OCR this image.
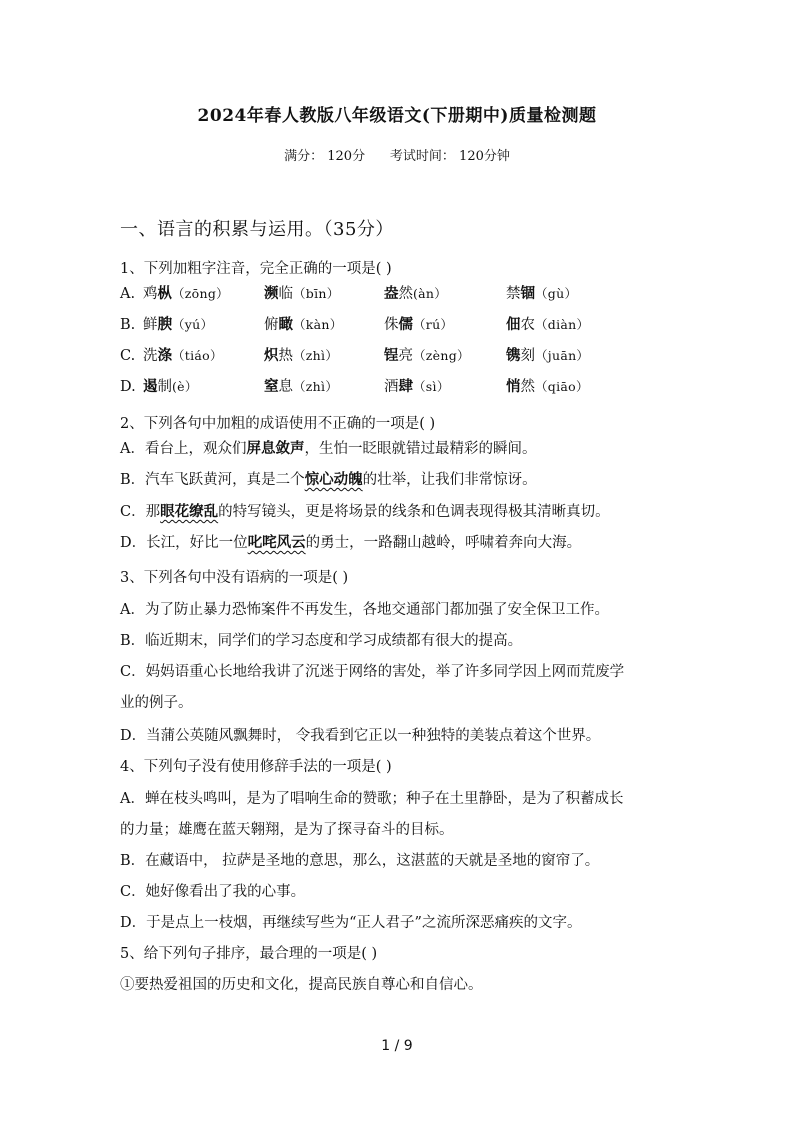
2024年春人教版八年级语文(下册期中)质量检测题
满分： 120分 考试时间： 120分钟
一、语言的积累与运用。（35分）
1、下列加粗字注音，完全正确的一项是( )
A. 鸡枞（zōng） 濒临（bīn）	盎然(àn）	禁锢（gù）
B. 鲜腴（yú）	俯瞰（kàn）	侏儒（rú）	佃农（diàn）
C. 洗涤（tiáo）	炽热（zhì）	锃亮（zèng） 镌刻（juān）
D. 遏制(è）	窒息（zhì）	酒肆（sì）	悄然（qiāo）
2、下列各句中加粗的成语使用不正确的一项是( )
A．看台上，观众们屏息敛声，生怕一眨眼就错过最精彩的瞬间。
B．汽车飞跃黄河，真是二个惊心动魄的壮举，让我们非常惊讶。
C．那眼花缭乱的特写镜头，更是将场景的线条和色调表现得极其清晰真切。
D．长江，好比一位叱咤风云的勇士，一路翻山越岭，呼啸着奔向大海。
3、下列各句中没有语病的一项是( )
A．为了防止暴力恐怖案件不再发生，各地交通部门都加强了安全保卫工作。
B．临近期末，同学们的学习态度和学习成绩都有很大的提高。
C．妈妈语重心长地给我讲了沉迷于网络的害处，举了许多同学因上网而荒废学
业的例子。
D．当蒲公英随风飘舞时， 令我看到它正以一种独特的美装点着这个世界。
4、下列句子没有使用修辞手法的一项是( )
A．蝉在枝头鸣叫，是为了唱响生命的赞歌；种子在土里静卧，是为了积蓄成长
的力量；雄鹰在蓝天翱翔，是为了探寻奋斗的目标。
B．在藏语中， 拉萨是圣地的意思，那么，这湛蓝的天就是圣地的窗帘了。
C．她好像看出了我的心事。
D．于是点上一枝烟，再继续写些为“正人君子”之流所深恶痛疾的文字。
5、给下列句子排序，最合理的一项是( )
①要热爱祖国的历史和文化，提高民族自尊心和自信心。
1 / 9
